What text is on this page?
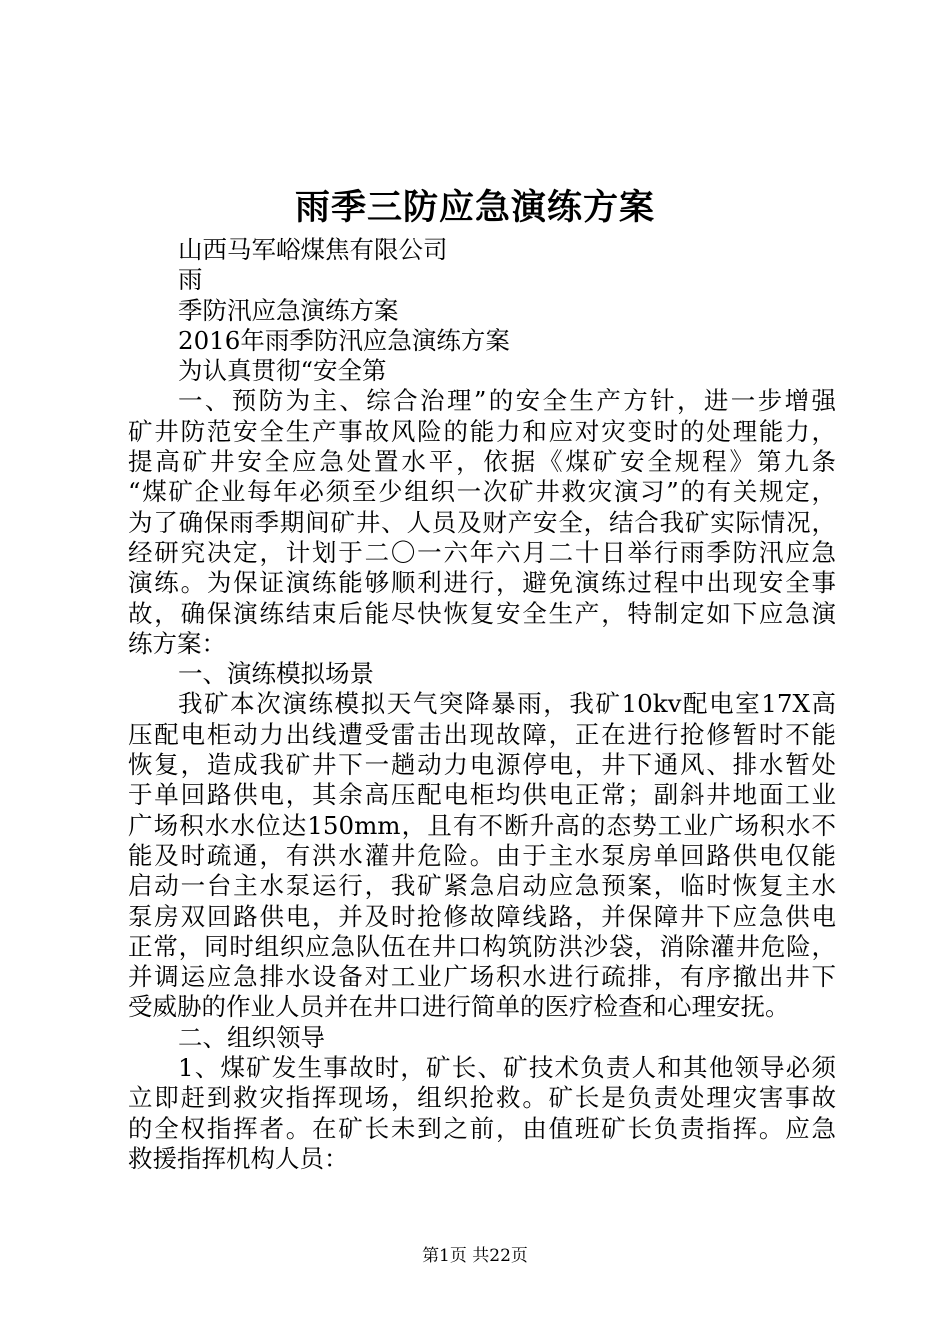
雨季三防应急演练方案
山西马军峪煤焦有限公司
雨
季防汛应急演练方案
2016年雨季防汛应急演练方案
为认真贯彻“安全第
一、预防为主、综合治理”的安全生产方针，进一步增强
矿井防范安全生产事故风险的能力和应对灾变时的处理能力，
提高矿井安全应急处置水平，依据《煤矿安全规程》第九条
“煤矿企业每年必须至少组织一次矿井救灾演习”的有关规定，
为了确保雨季期间矿井、人员及财产安全，结合我矿实际情况，
经研究决定，计划于二〇一六年六月二十日举行雨季防汛应急
演练。为保证演练能够顺利进行，避免演练过程中出现安全事
故，确保演练结束后能尽快恢复安全生产，特制定如下应急演
练方案：
一、演练模拟场景
我矿本次演练模拟天气突降暴雨，我矿10kv配电室17X高
压配电柜动力出线遭受雷击出现故障，正在进行抢修暂时不能
恢复，造成我矿井下一趟动力电源停电，井下通风、排水暂处
于单回路供电，其余高压配电柜均供电正常；副斜井地面工业
广场积水水位达150mm，且有不断升高的态势工业广场积水不
能及时疏通，有洪水灌井危险。由于主水泵房单回路供电仅能
启动一台主水泵运行，我矿紧急启动应急预案，临时恢复主水
泵房双回路供电，并及时抢修故障线路，并保障井下应急供电
正常，同时组织应急队伍在井口构筑防洪沙袋，消除灌井危险，
并调运应急排水设备对工业广场积水进行疏排，有序撤出井下
受威胁的作业人员并在井口进行简单的医疗检查和心理安抚。
二、组织领导
1、煤矿发生事故时，矿长、矿技术负责人和其他领导必须
立即赶到救灾指挥现场，组织抢救。矿长是负责处理灾害事故
的全权指挥者。在矿长未到之前，由值班矿长负责指挥。应急
救援指挥机构人员：
第1页 共22页
